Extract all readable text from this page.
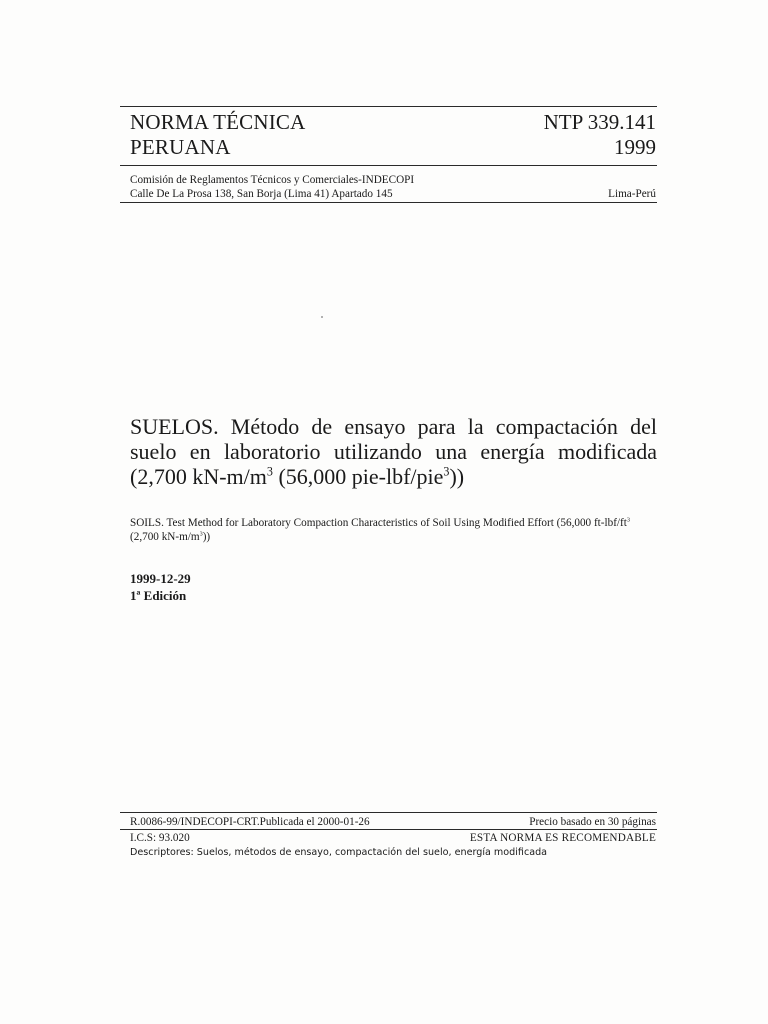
NORMA TÉCNICA
PERUANA
NTP 339.141
1999
Comisión de Reglamentos Técnicos y Comerciales-INDECOPI
Calle De La Prosa 138, San Borja (Lima 41) Apartado 145	Lima-Perú
SUELOS. Método de ensayo para la compactación del suelo en laboratorio utilizando una energía modificada (2,700 $kN-m/m^3$ (56,000 pie-lbf/pie$^3$))
SOILS. Test Method for Laboratory Compaction Characteristics of Soil Using Modified Effort (56,000 $ft-lbf/ft^3$ (2,700 $kN-m/m^3$))
1999-12-29
1ª Edición
R.0086-99/INDECOPI-CRT.Publicada el 2000-01-26	Precio basado en 30 páginas
I.C.S: 93.020	ESTA NORMA ES RECOMENDABLE
Descriptores: Suelos, métodos de ensayo, compactación del suelo, energía modificada
